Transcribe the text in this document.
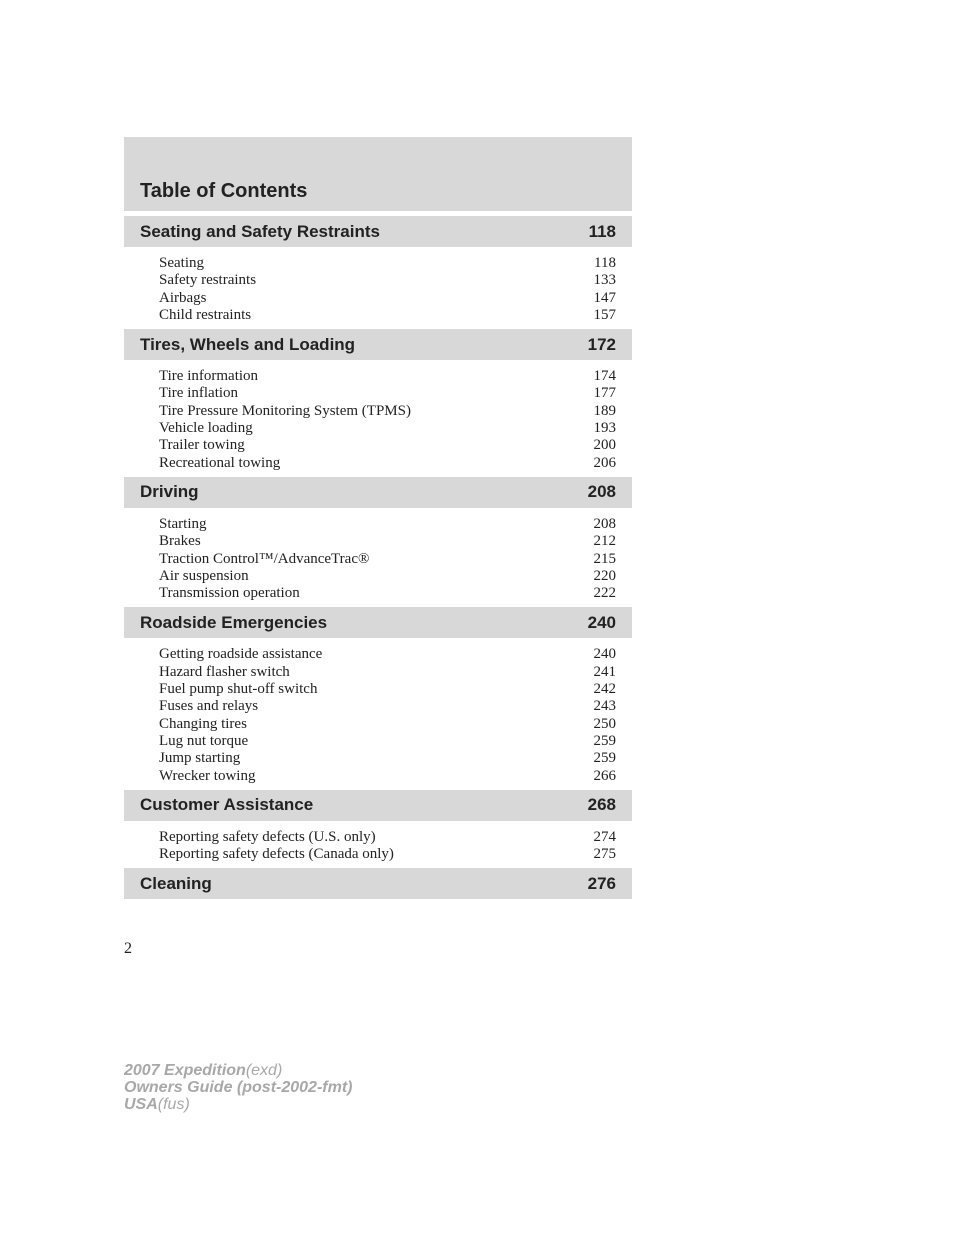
Table of Contents
Seating and Safety Restraints	118
Seating	118
Safety restraints	133
Airbags	147
Child restraints	157
Tires, Wheels and Loading	172
Tire information	174
Tire inflation	177
Tire Pressure Monitoring System (TPMS)	189
Vehicle loading	193
Trailer towing	200
Recreational towing	206
Driving	208
Starting	208
Brakes	212
Traction Control™/AdvanceTrac®	215
Air suspension	220
Transmission operation	222
Roadside Emergencies	240
Getting roadside assistance	240
Hazard flasher switch	241
Fuel pump shut-off switch	242
Fuses and relays	243
Changing tires	250
Lug nut torque	259
Jump starting	259
Wrecker towing	266
Customer Assistance	268
Reporting safety defects (U.S. only)	274
Reporting safety defects (Canada only)	275
Cleaning	276
2
2007 Expedition(exd)
Owners Guide (post-2002-fmt)
USA(fus)
